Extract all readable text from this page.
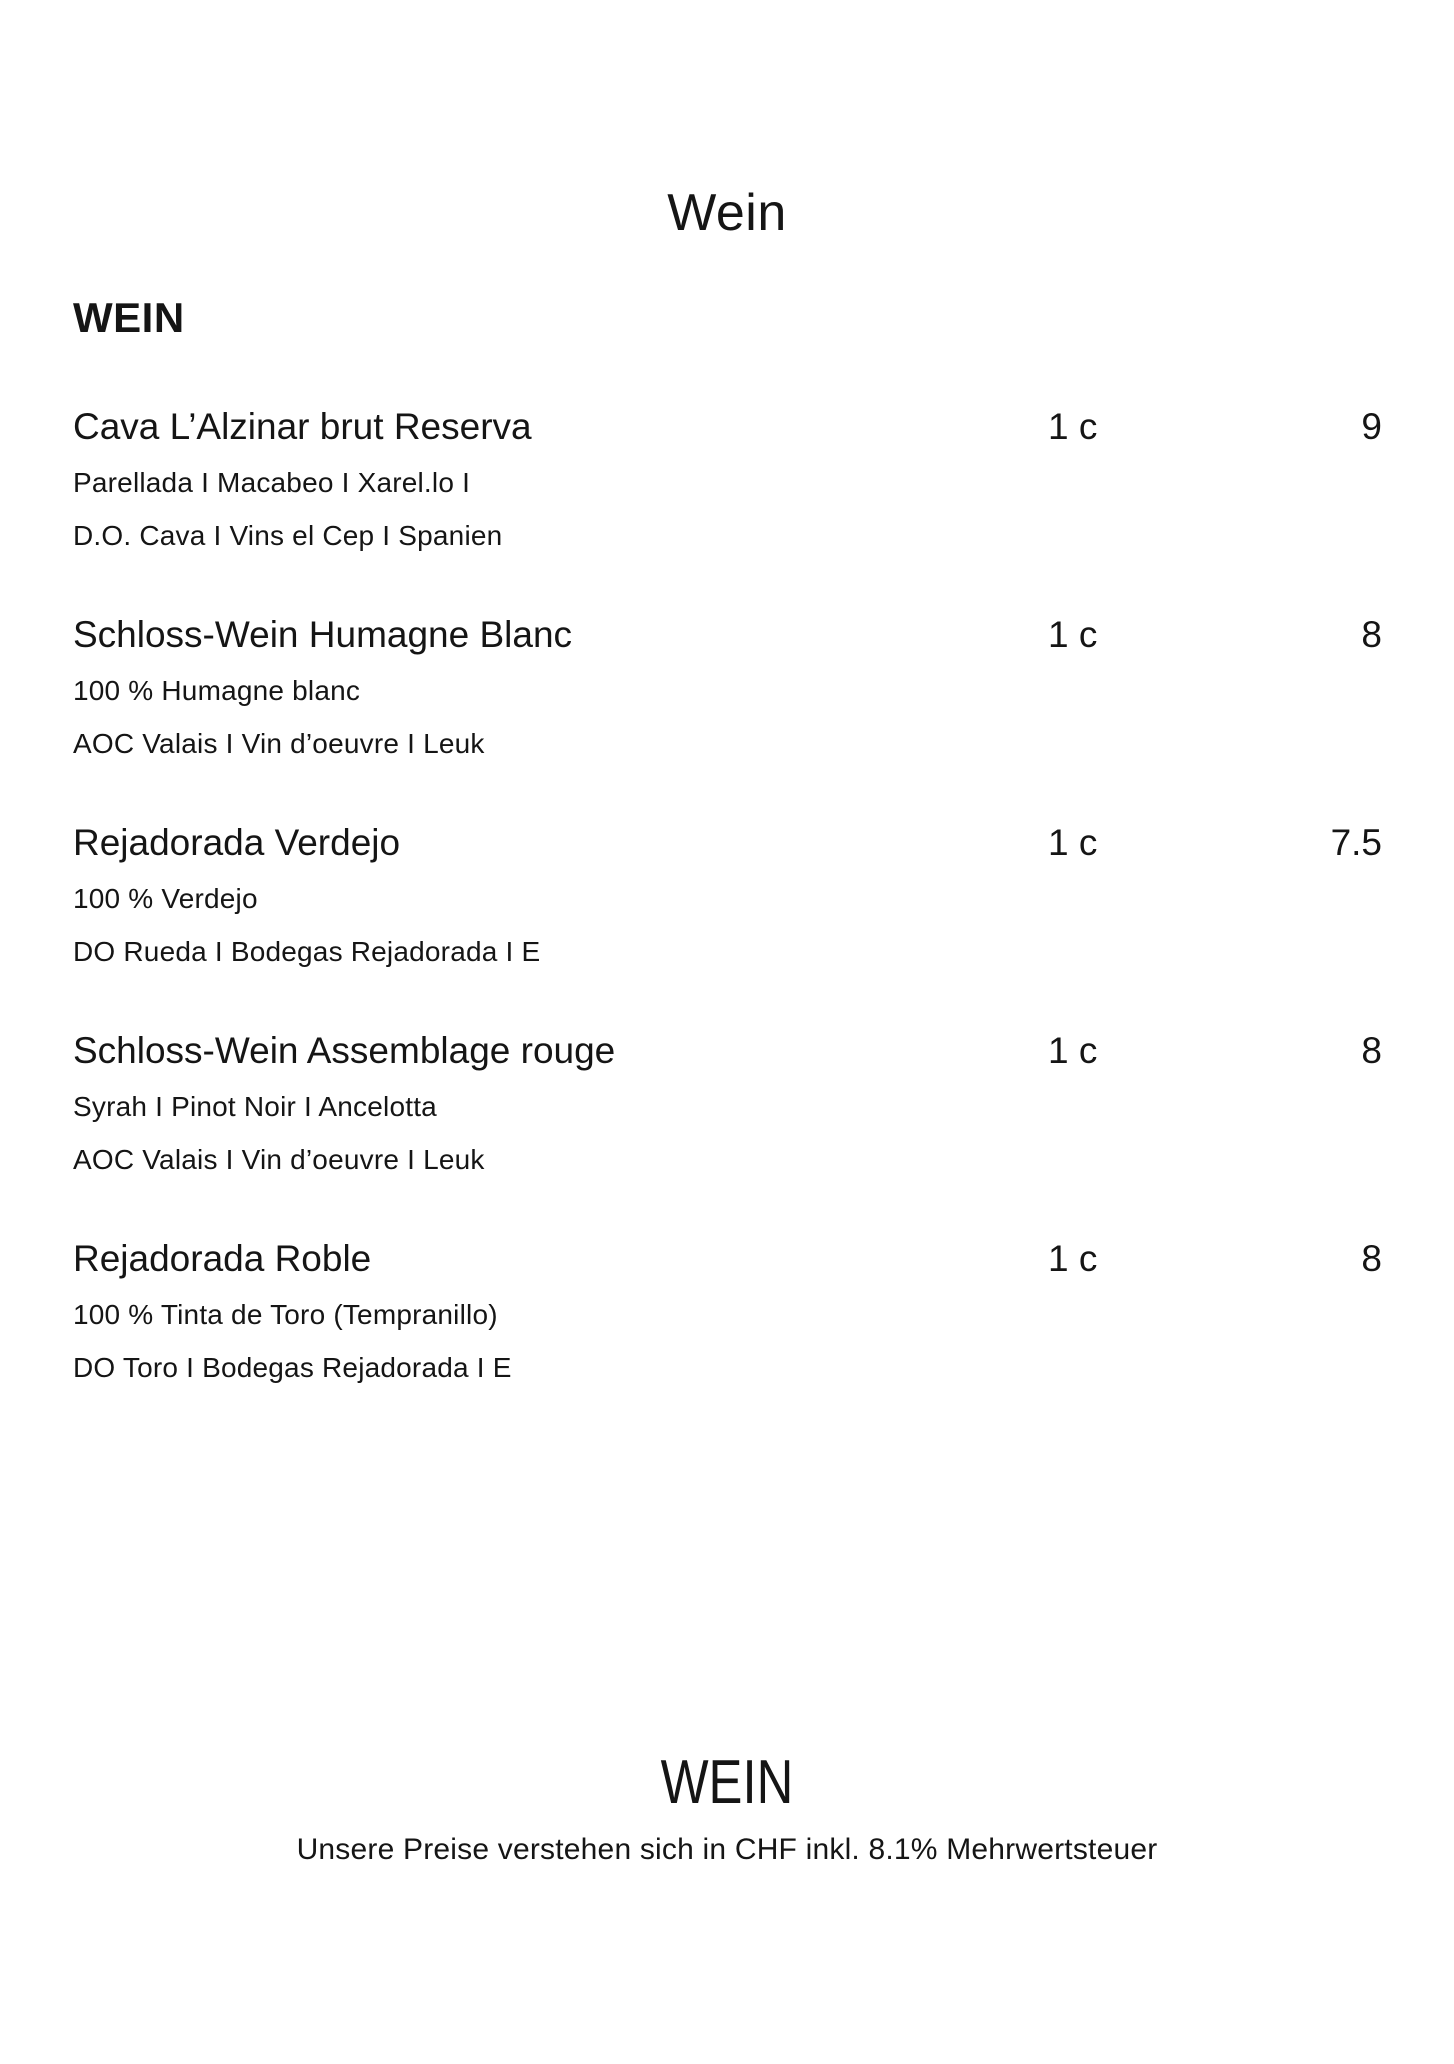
Wein
WEIN
Cava L’Alzinar brut Reserva	1 c	9
Parellada I Macabeo I Xarel.lo I
D.O. Cava I Vins el Cep I Spanien
Schloss-Wein Humagne Blanc	1 c	8
100 % Humagne blanc
AOC Valais I Vin d’oeuvre I Leuk
Rejadorada Verdejo	1 c	7.5
100 % Verdejo
DO Rueda I Bodegas Rejadorada I E
Schloss-Wein Assemblage rouge	1 c	8
Syrah I Pinot Noir I Ancelotta
AOC Valais I Vin d’oeuvre I Leuk
Rejadorada Roble	1 c	8
100 % Tinta de Toro (Tempranillo)
DO Toro I Bodegas Rejadorada I E
WEIN
Unsere Preise verstehen sich in CHF inkl. 8.1% Mehrwertsteuer
